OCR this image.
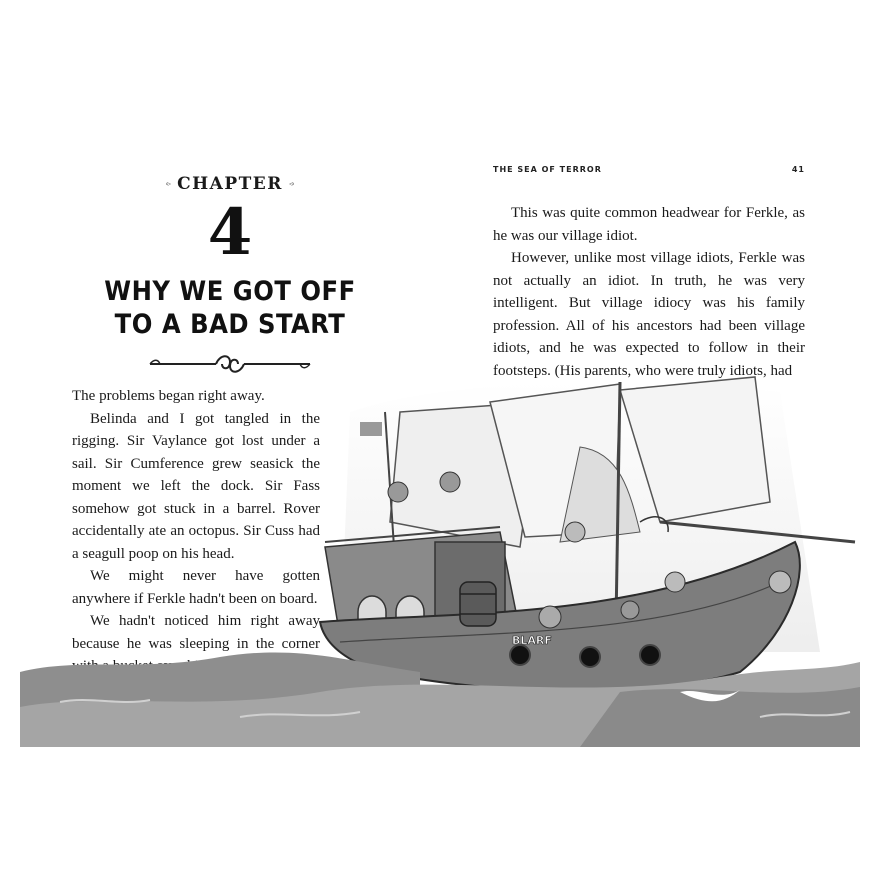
CHAPTER
4
WHY WE GOT OFF
TO A BAD START

The problems began right away.

Belinda and I got tangled in the rigging. Sir Vaylance got lost under a sail. Sir Cumference grew seasick the moment we left the dock. Sir Fass somehow got stuck in a barrel. Rover accidentally ate an octopus. Sir Cuss had a seagull poop on his head.

We might never have gotten anywhere if Ferkle hadn't been on board.

We hadn't noticed him right away because he was sleeping in the corner

THE SEA OF TERROR	41

This was quite common headwear for Ferkle, as he was our village idiot.

However, unlike most village idiots, Ferkle was not actually an idiot. In truth, he was very intelligent. But village idiocy was his family profession. All of his ancestors had been village idiots, and he was expected to follow in their footsteps. (His parents, who were truly idiots, had

BLARF
